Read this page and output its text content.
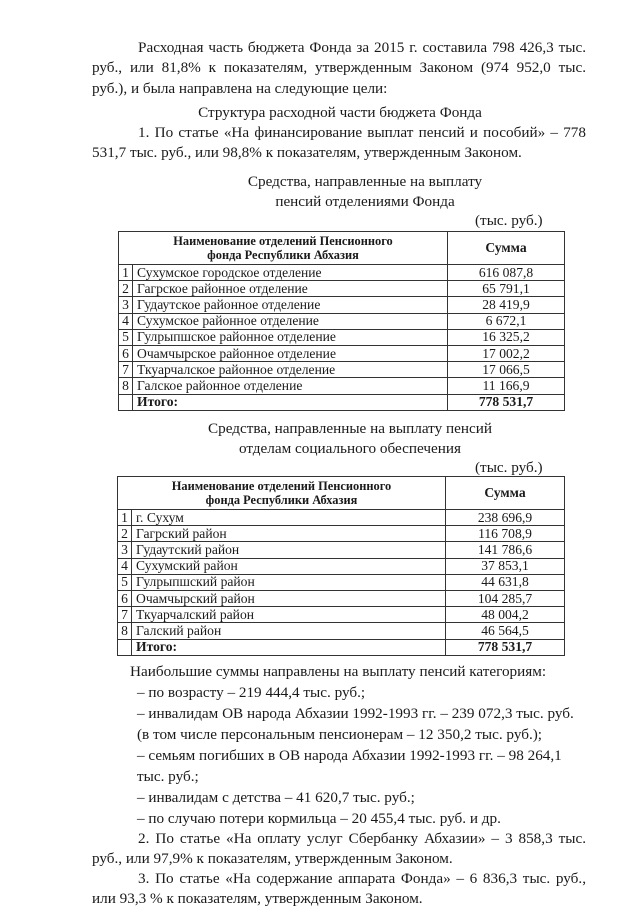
Расходная часть бюджета Фонда за 2015 г. составила 798 426,3 тыс. руб., или 81,8% к показателям, утвержденным Законом (974 952,0 тыс. руб.), и была направлена на следующие цели:

Структура расходной части бюджета Фонда

1. По статье «На финансирование выплат пенсий и пособий» – 778 531,7 тыс. руб., или 98,8% к показателям, утвержденным Законом.

Средства, направленные на выплату

пенсий отделениями Фонда

(тыс. руб.)
Наименование отделений Пенсионного
фонда Республики Абхазия		Сумма
1	Сухумское городское отделение	616 087,8
2	Гагрское районное отделение	65 791,1
3	Гудаутское районное отделение	28 419,9
4	Сухумское районное отделение	6 672,1
5	Гулрыпшское районное отделение	16 325,2
6	Очамчырское районное отделение	17 002,2
7	Ткуарчалское районное отделение	17 066,5
8	Галское районное отделение	11 166,9
	Итого:	778 531,7

Средства, направленные на выплату пенсий

отделам социального обеспечения

(тыс. руб.)
Наименование отделений Пенсионного
фонда Республики Абхазия		Сумма
1	г. Сухум	238 696,9
2	Гагрский район	116 708,9
3	Гудаутский район	141 786,6
4	Сухумский район	37 853,1
5	Гулрыпшский район	44 631,8
6	Очамчырский район	104 285,7
7	Ткуарчалский район	48 004,2
8	Галский район	46 564,5
	Итого:	778 531,7
Наибольшие суммы направлены на выплату пенсий категориям:
– по возрасту – 219 444,4 тыс. руб.;
– инвалидам ОВ народа Абхазии 1992-1993 гг. – 239 072,3 тыс. руб.
(в том числе персональным пенсионерам – 12 350,2 тыс. руб.);
– семьям погибших в ОВ народа Абхазии 1992-1993 гг. – 98 264,1
тыс. руб.;
– инвалидам с детства – 41 620,7 тыс. руб.;
– по случаю потери кормильца – 20 455,4 тыс. руб. и др.

2. По статье «На оплату услуг Сбербанку Абхазии» – 3 858,3 тыс. руб., или 97,9% к показателям, утвержденным Законом.

3. По статье «На содержание аппарата Фонда» – 6 836,3 тыс. руб., или 93,3 % к показателям, утвержденным Законом.
